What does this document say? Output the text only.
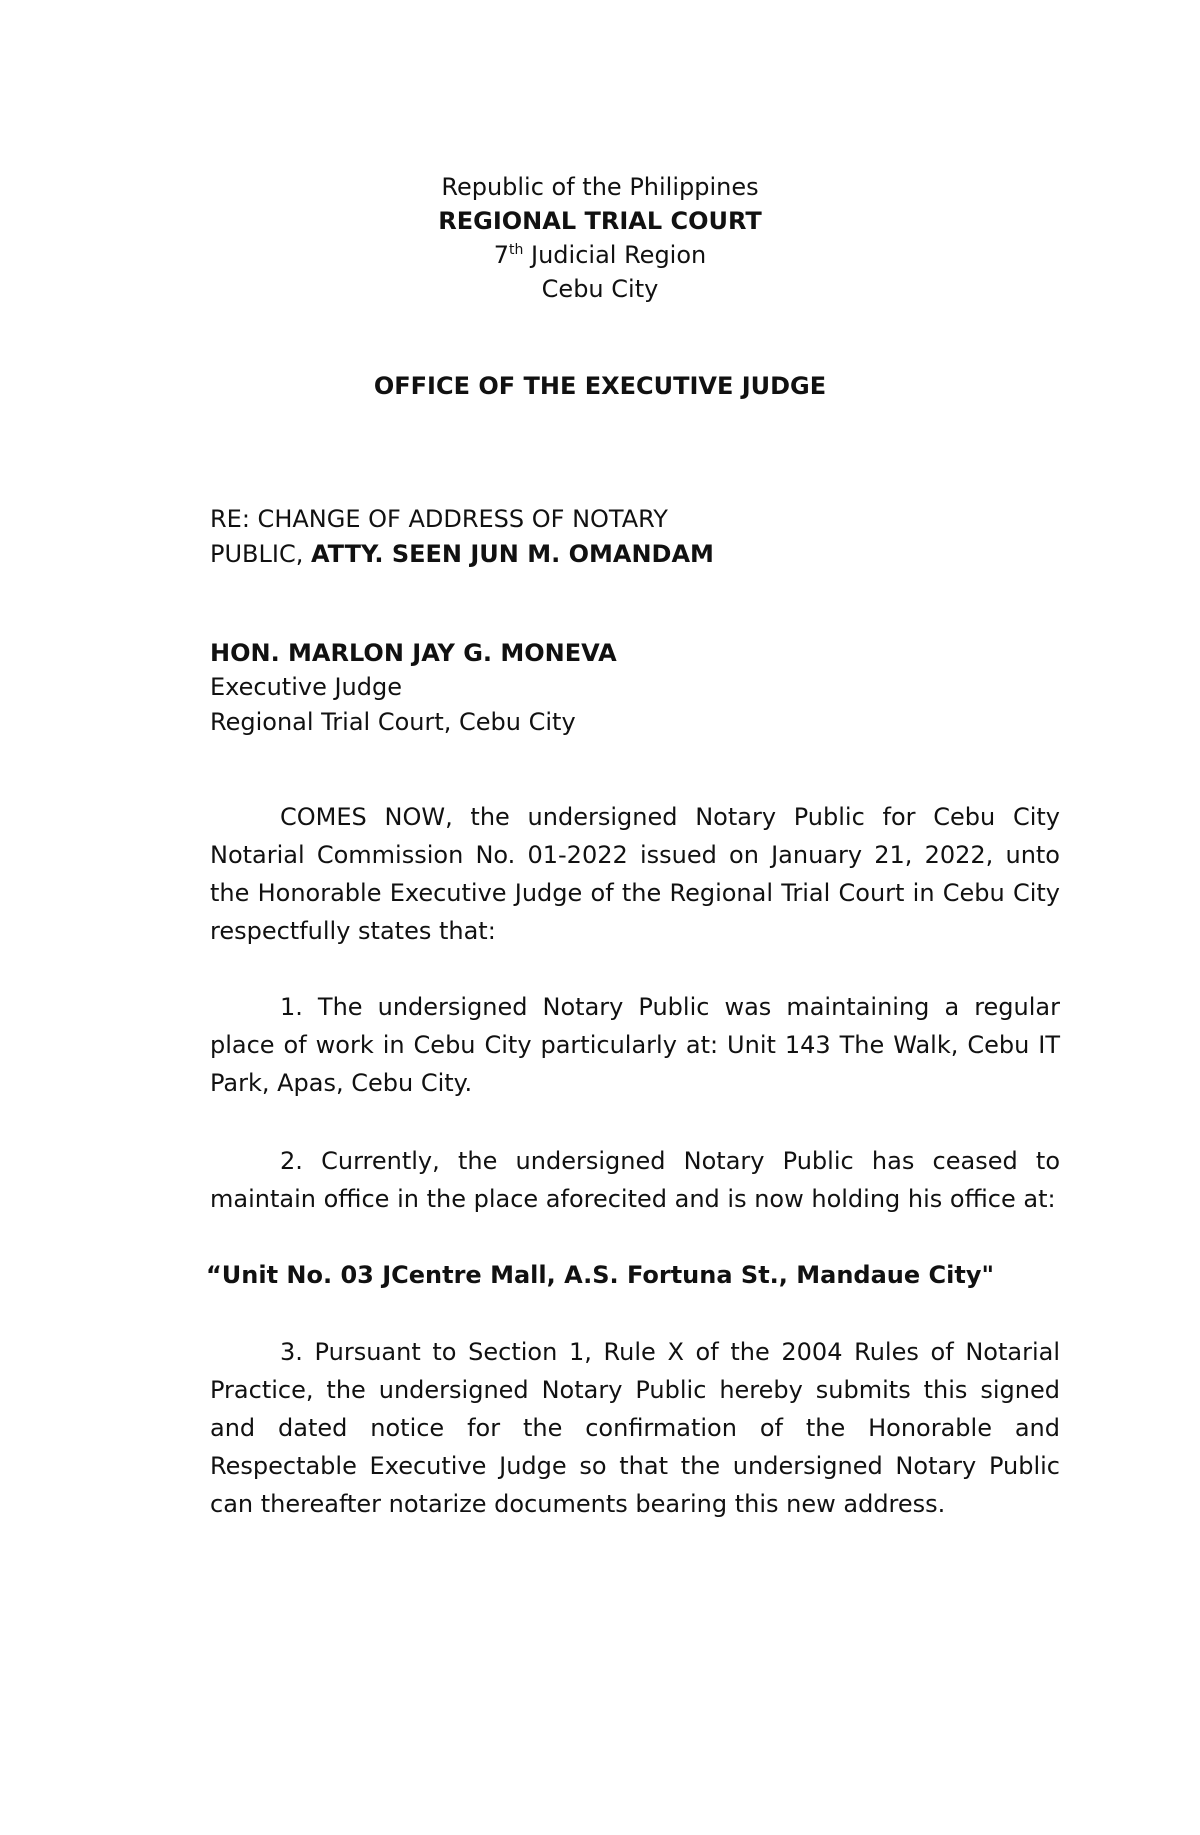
Republic of the Philippines
REGIONAL TRIAL COURT
7th Judicial Region
Cebu City
OFFICE OF THE EXECUTIVE JUDGE
RE: CHANGE OF ADDRESS OF NOTARY
PUBLIC, ATTY. SEEN JUN M. OMANDAM
HON. MARLON JAY G. MONEVA
Executive Judge
Regional Trial Court, Cebu City
COMES NOW, the undersigned Notary Public for Cebu City Notarial Commission No. 01-2022 issued on January 21, 2022, unto the Honorable Executive Judge of the Regional Trial Court in Cebu City respectfully states that:
1. The undersigned Notary Public was maintaining a regular place of work in Cebu City particularly at: Unit 143 The Walk, Cebu IT Park, Apas, Cebu City.
2. Currently, the undersigned Notary Public has ceased to maintain office in the place aforecited and is now holding his office at:
“Unit No. 03 JCentre Mall, A.S. Fortuna St., Mandaue City"
3. Pursuant to Section 1, Rule X of the 2004 Rules of Notarial Practice, the undersigned Notary Public hereby submits this signed and dated notice for the confirmation of the Honorable and Respectable Executive Judge so that the undersigned Notary Public can thereafter notarize documents bearing this new address.
